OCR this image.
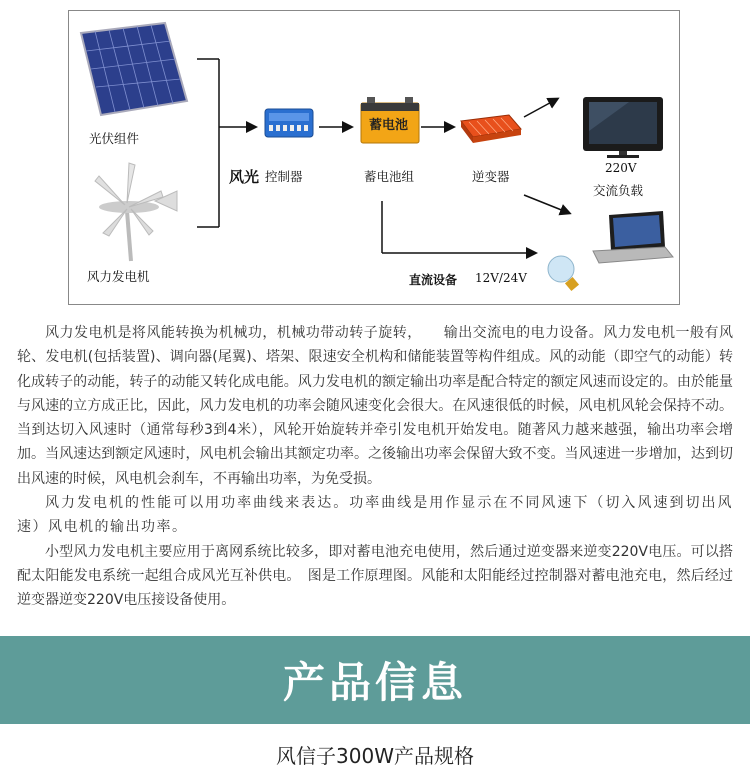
光伏组件
风力发电机
风光 控制器
蓄电池
蓄电池组	逆变器
220V
交流负载
直流设备 12V/24V

风力发电机是将风能转换为机械功，机械功带动转子旋转，　　输出交流电的电力设备。风力发电机一般有风轮、发电机(包括装置)、调向器(尾翼)、塔架、限速安全机构和储能装置等构件组成。风的动能（即空气的动能）转化成转子的动能，转子的动能又转化成电能。风力发电机的额定输出功率是配合特定的额定风速而设定的。由於能量与风速的立方成正比，因此，风力发电机的功率会随风速变化会很大。在风速很低的时候，风电机风轮会保持不动。当到达切入风速时（通常每秒3到4米），风轮开始旋转并牵引发电机开始发电。随著风力越来越强，输出功率会增加。当风速达到额定风速时，风电机会输出其额定功率。之後输出功率会保留大致不变。当风速进一步增加，达到切出风速的时候，风电机会刹车，不再输出功率，为免受损。

风力发电机的性能可以用功率曲线来表达。功率曲线是用作显示在不同风速下（切入风速到切出风速）风电机的输出功率。

小型风力发电机主要应用于离网系统比较多，即对蓄电池充电使用，然后通过逆变器来逆变220V电压。可以搭配太阳能发电系统一起组合成风光互补供电。　图是工作原理图。风能和太阳能经过控制器对蓄电池充电，然后经过逆变器逆变220V电压接设备使用。

产品信息
风信子300W产品规格
